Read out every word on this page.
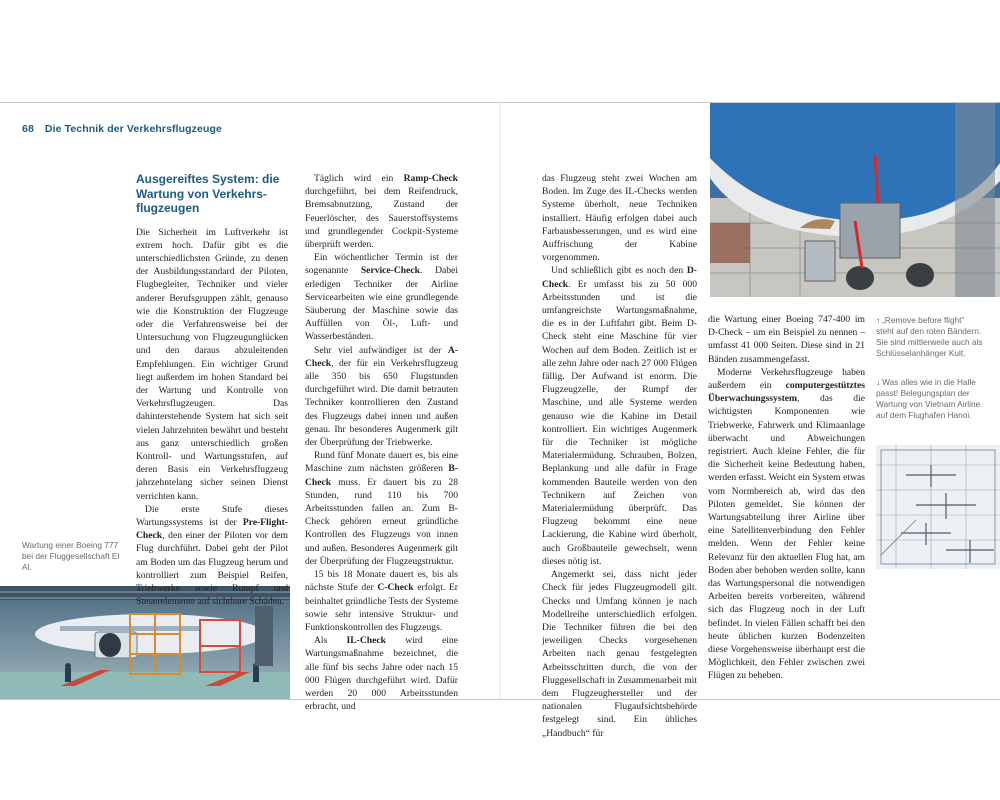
68 Die Technik der Verkehrsflugzeuge
Wartung einer Boeing 777 bei der Fluggesellschaft El Al.
Ausgereiftes System: die Wartung von Verkehrs-flugzeugen

Die Sicherheit im Luftverkehr ist extrem hoch. Dafür gibt es die unterschiedlichsten Gründe, zu denen der Ausbildungsstandard der Piloten, Flugbegleiter, Techniker und vieler anderer Berufsgruppen zählt, genauso wie die Konstruktion der Flugzeuge oder die Verfahrensweise bei der Untersuchung von Flugzeugunglücken und den daraus abzuleitenden Empfehlungen. Ein wichtiger Grund liegt außerdem im hohen Standard bei der Wartung und Kontrolle von Verkehrsflugzeugen. Das dahinterstehende System hat sich seit vielen Jahrzehnten bewährt und besteht aus ganz unterschiedlich großen Kontroll- und Wartungsstufen, auf deren Basis ein Verkehrsflugzeug jahrzehntelang sicher seinen Dienst verrichten kann.

Die erste Stufe dieses Wartungssystems ist der Pre-Flight-Check, den einer der Piloten vor dem Flug durchführt. Dabei geht der Pilot am Boden um das Flugzeug herum und kontrolliert zum Beispiel Reifen, Triebwerke sowie Rumpf und Steuerelemente auf sichtbare Schäden.

Täglich wird ein Ramp-Check durchgeführt, bei dem Reifendruck, Bremsabnutzung, Zustand der Feuerlöscher, des Sauerstoffsystems und grundlegender Cockpit-Systeme überprüft werden.

Ein wöchentlicher Termin ist der sogenannte Service-Check. Dabei erledigen Techniker der Airline Servicearbeiten wie eine grundlegende Säuberung der Maschine sowie das Auffüllen von Öl-, Luft- und Wasserbeständen.

Sehr viel aufwändiger ist der A-Check, der für ein Verkehrsflugzeug alle 350 bis 650 Flugstunden durchgeführt wird. Die damit betrauten Techniker kontrollieren den Zustand des Flugzeugs dabei innen und außen genau. Ihr besonderes Augenmerk gilt der Überprüfung der Triebwerke.

Rund fünf Monate dauert es, bis eine Maschine zum nächsten größeren B-Check muss. Er dauert bis zu 28 Stunden, rund 110 bis 700 Arbeitsstunden fallen an. Zum B-Check gehören erneut gründliche Kontrollen des Flugzeugs von innen und außen. Besonderes Augenmerk gilt der Überprüfung der Flugzeugstruktur.

15 bis 18 Monate dauert es, bis als nächste Stufe der C-Check erfolgt. Er beinhaltet gründliche Tests der Systeme sowie sehr intensive Struktur- und Funktionskontrollen des Flugzeugs.

Als IL-Check wird eine Wartungsmaßnahme bezeichnet, die alle fünf bis sechs Jahre oder nach 15 000 Flügen durchgeführt wird. Dafür werden 20 000 Arbeitsstunden erbracht, und

das Flugzeug steht zwei Wochen am Boden. Im Zuge des IL-Checks werden Systeme überholt, neue Techniken installiert. Häufig erfolgen dabei auch Farbausbesserungen, und es wird eine Auffrischung der Kabine vorgenommen.

Und schließlich gibt es noch den D-Check. Er umfasst bis zu 50 000 Arbeitsstunden und ist die umfangreichste Wartungsmaßnahme, die es in der Luftfahrt gibt. Beim D-Check steht eine Maschine für vier Wochen auf dem Boden. Zeitlich ist er alle zehn Jahre oder nach 27 000 Flügen fällig. Der Aufwand ist enorm. Die Flugzeugzelle, der Rumpf der Maschine, und alle Systeme werden genauso wie die Kabine im Detail kontrolliert. Ein wichtiges Augenmerk für die Techniker ist mögliche Materialermüdung. Schrauben, Bolzen, Beplankung und alle dafür in Frage kommenden Bauteile werden von den Technikern auf Zeichen von Materialermüdung überprüft. Das Flugzeug bekommt eine neue Lackierung, die Kabine wird überholt, auch Großbauteile gewechselt, wenn dieses nötig ist.

Angemerkt sei, dass nicht jeder Check für jedes Flugzeugmodell gilt. Checks und Umfang können je nach Modellreihe unterschiedlich erfolgen. Die Techniker führen die bei den jeweiligen Checks vorgesehenen Arbeiten nach genau festgelegten Arbeitsschritten durch, die von der Fluggesellschaft in Zusammenarbeit mit dem Flugzeughersteller und der nationalen Flugaufsichtsbehörde festgelegt sind. Ein übliches „Handbuch“ für

die Wartung einer Boeing 747-400 im D-Check – um ein Beispiel zu nennen – umfasst 41 000 Seiten. Diese sind in 21 Bänden zusammengefasst.

Moderne Verkehrsflugzeuge haben außerdem ein computergestütztes Überwachungssystem, das die wichtigsten Komponenten wie Triebwerke, Fahrwerk und Klimaanlage überwacht und Abweichungen registriert. Auch kleine Fehler, die für die Sicherheit keine Bedeutung haben, werden erfasst. Weicht ein System etwas vom Normbereich ab, wird das den Piloten gemeldet. Sie können der Wartungsabteilung ihrer Airline über eine Satellitenverbindung den Fehler melden. Wenn der Fehler keine Relevanz für den aktuellen Flug hat, am Boden aber behoben werden sollte, kann das Wartungspersonal die notwendigen Arbeiten bereits vorbereiten, während sich das Flugzeug noch in der Luft befindet. In vielen Fällen schafft bei den heute üblichen kurzen Bodenzeiten diese Vorgehensweise überhaupt erst die Möglichkeit, den Fehler zwischen zwei Flügen zu beheben.

↑ „Remove before flight“ steht auf den roten Bändern. Sie sind mittlerweile auch als Schlüsselanhänger Kult.
↓ Was alles wie in die Halle passt! Belegungsplan der Wartung von Vietnam Airline auf dem Flughafen Hanoi.
